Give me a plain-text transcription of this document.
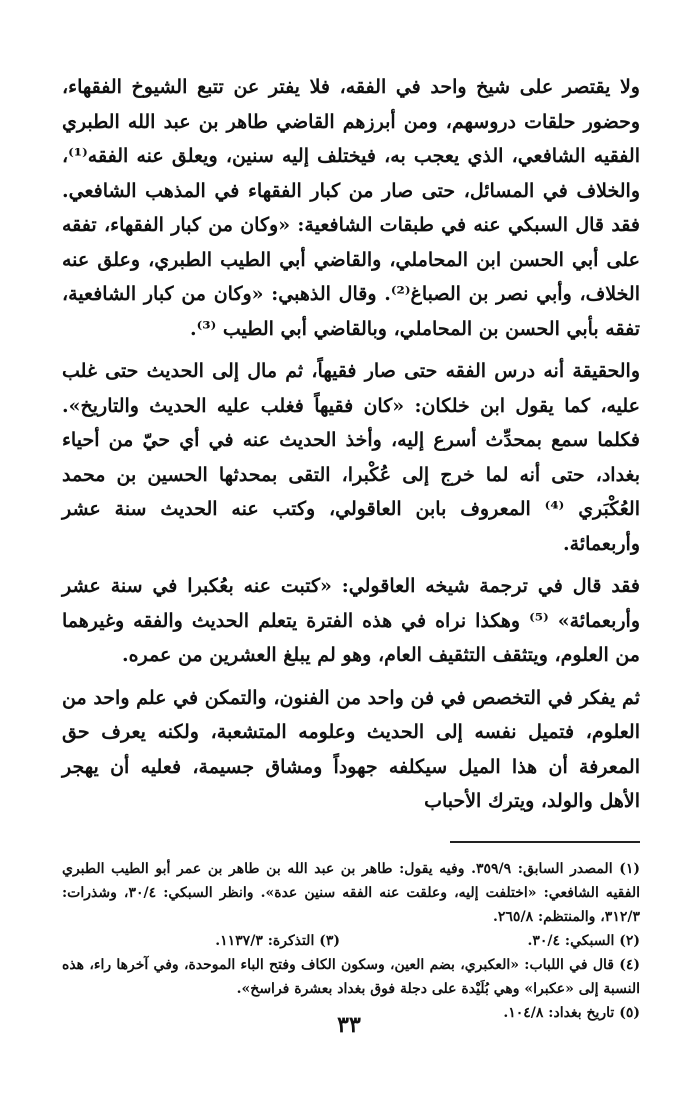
ولا يقتصر على شيخ واحد في الفقه، فلا يفتر عن تتبع الشيوخ الفقهاء، وحضور حلقات دروسهم، ومن أبرزهم القاضي طاهر بن عبد الله الطبري الفقيه الشافعي، الذي يعجب به، فيختلف إليه سنين، ويعلق عنه الفقه⁽¹⁾، والخلاف في المسائل، حتى صار من كبار الفقهاء في المذهب الشافعي. فقد قال السبكي عنه في طبقات الشافعية: «وكان من كبار الفقهاء، تفقه على أبي الحسن ابن المحاملي، والقاضي أبي الطيب الطبري، وعلق عنه الخلاف، وأبي نصر بن الصباغ⁽²⁾. وقال الذهبي: «وكان من كبار الشافعية، تفقه بأبي الحسن بن المحاملي، وبالقاضي أبي الطيب ⁽³⁾.

والحقيقة أنه درس الفقه حتى صار فقيهاً، ثم مال إلى الحديث حتى غلب عليه، كما يقول ابن خلكان: «كان فقيهاً فغلب عليه الحديث والتاريخ». فكلما سمع بمحدِّث أسرع إليه، وأخذ الحديث عنه في أي حيّ من أحياء بغداد، حتى أنه لما خرج إلى عُكْبرا، التقى بمحدثها الحسين بن محمد العُكْبَري ⁽⁴⁾ المعروف بابن العاقولي، وكتب عنه الحديث سنة عشر وأربعمائة.

فقد قال في ترجمة شيخه العاقولي: «كتبت عنه بعُكبرا في سنة عشر وأربعمائة» ⁽⁵⁾ وهكذا نراه في هذه الفترة يتعلم الحديث والفقه وغيرهما من العلوم، ويتثقف التثقيف العام، وهو لم يبلغ العشرين من عمره.

ثم يفكر في التخصص في فن واحد من الفنون، والتمكن في علم واحد من العلوم، فتميل نفسه إلى الحديث وعلومه المتشعبة، ولكنه يعرف حق المعرفة أن هذا الميل سيكلفه جهوداً ومشاق جسيمة، فعليه أن يهجر الأهل والولد، ويترك الأحباب

(١) المصدر السابق: ٣٥٩/٩. وفيه يقول: طاهر بن عبد الله بن طاهر بن عمر أبو الطيب الطبري الفقيه الشافعي: «اختلفت إليه، وعلقت عنه الفقه سنين عدة». وانظر السبكي: ٣٠/٤، وشذرات: ٣١٢/٣، والمنتظم: ٢٦٥/٨.

(٢) السبكي: ٣٠/٤.
(٣) التذكرة: ١١٣٧/٣.

(٤) قال في اللباب: «العكبري، بضم العين، وسكون الكاف وفتح الباء الموحدة، وفي آخرها راء، هذه النسبة إلى «عكبرا» وهي بُلَيْدة على دجلة فوق بغداد بعشرة فراسخ».

(٥) تاريخ بغداد: ١٠٤/٨.

٣٣
